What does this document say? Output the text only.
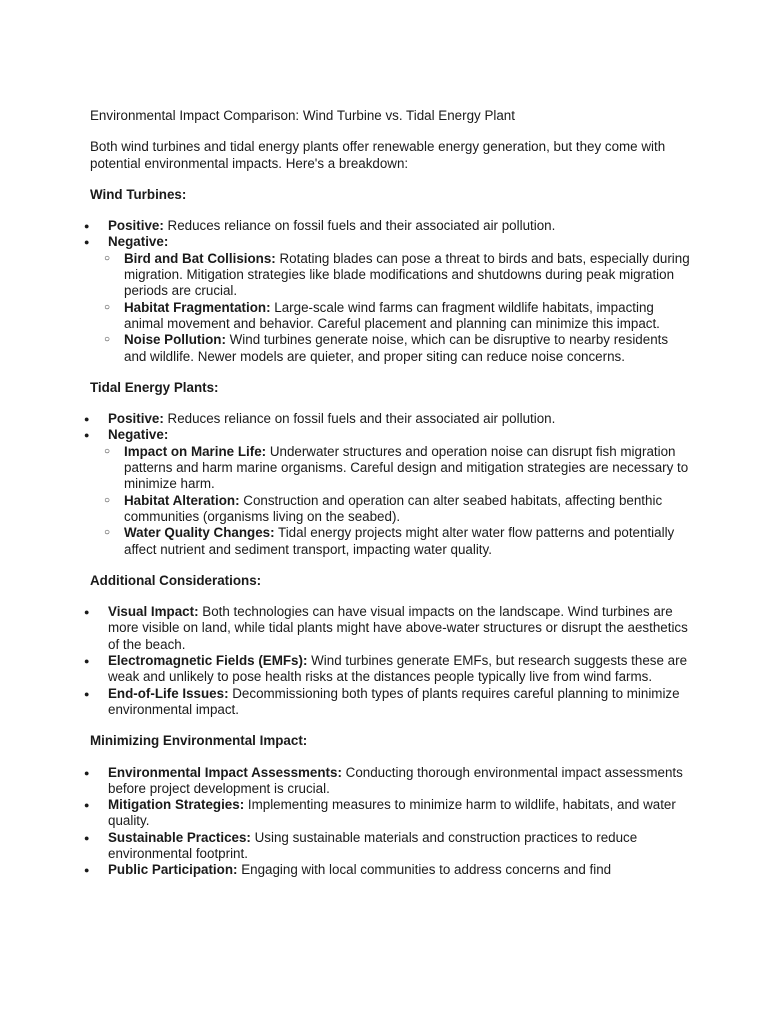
Environmental Impact Comparison: Wind Turbine vs. Tidal Energy Plant

Both wind turbines and tidal energy plants offer renewable energy generation, but they come with potential environmental impacts. Here's a breakdown:

Wind Turbines:

● Positive: Reduces reliance on fossil fuels and their associated air pollution.
● Negative:
○ Bird and Bat Collisions: Rotating blades can pose a threat to birds and bats, especially during migration. Mitigation strategies like blade modifications and shutdowns during peak migration periods are crucial.
○ Habitat Fragmentation: Large-scale wind farms can fragment wildlife habitats, impacting animal movement and behavior. Careful placement and planning can minimize this impact.
○ Noise Pollution: Wind turbines generate noise, which can be disruptive to nearby residents and wildlife. Newer models are quieter, and proper siting can reduce noise concerns.

Tidal Energy Plants:

● Positive: Reduces reliance on fossil fuels and their associated air pollution.
● Negative:
○ Impact on Marine Life: Underwater structures and operation noise can disrupt fish migration patterns and harm marine organisms. Careful design and mitigation strategies are necessary to minimize harm.
○ Habitat Alteration: Construction and operation can alter seabed habitats, affecting benthic communities (organisms living on the seabed).
○ Water Quality Changes: Tidal energy projects might alter water flow patterns and potentially affect nutrient and sediment transport, impacting water quality.

Additional Considerations:

● Visual Impact: Both technologies can have visual impacts on the landscape. Wind turbines are more visible on land, while tidal plants might have above-water structures or disrupt the aesthetics of the beach.
● Electromagnetic Fields (EMFs): Wind turbines generate EMFs, but research suggests these are weak and unlikely to pose health risks at the distances people typically live from wind farms.
● End-of-Life Issues: Decommissioning both types of plants requires careful planning to minimize environmental impact.

Minimizing Environmental Impact:

● Environmental Impact Assessments: Conducting thorough environmental impact assessments before project development is crucial.
● Mitigation Strategies: Implementing measures to minimize harm to wildlife, habitats, and water quality.
● Sustainable Practices: Using sustainable materials and construction practices to reduce environmental footprint.
● Public Participation: Engaging with local communities to address concerns and find
